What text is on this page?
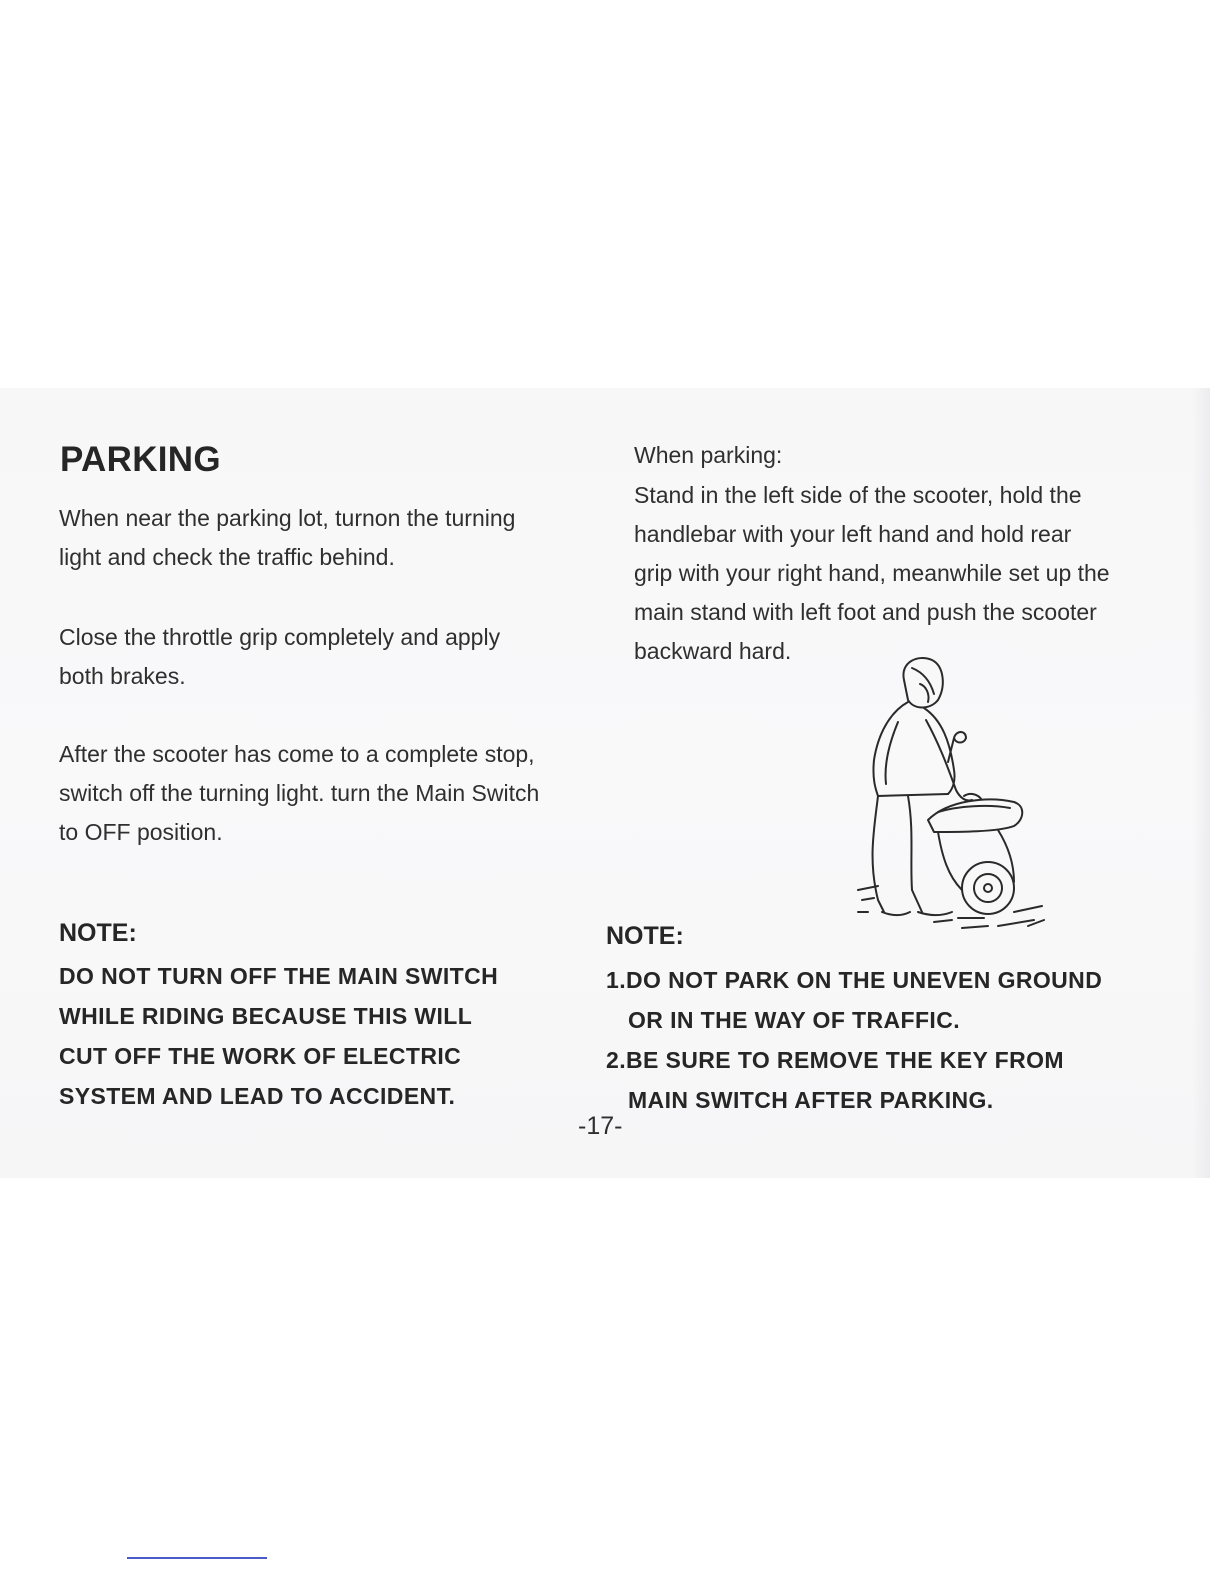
PARKING

When near the parking lot, turnon the turning
light and check the traffic behind.

Close the throttle grip completely and apply
both brakes.

After the scooter has come to a complete stop,
switch off the turning light. turn the Main Switch
to OFF position.

When parking:

Stand in the left side of the scooter, hold the
handlebar with your left hand and hold rear
grip with your right hand, meanwhile set up the
main stand with left foot and push the scooter
backward hard.

NOTE:
DO NOT TURN OFF THE MAIN SWITCH
WHILE RIDING BECAUSE THIS WILL
CUT OFF THE WORK OF ELECTRIC
SYSTEM AND LEAD TO ACCIDENT.
NOTE:
1.DO NOT PARK ON THE UNEVEN GROUND
OR IN THE WAY OF TRAFFIC.
2.BE SURE TO REMOVE THE KEY FROM
MAIN SWITCH AFTER PARKING.
-17-
